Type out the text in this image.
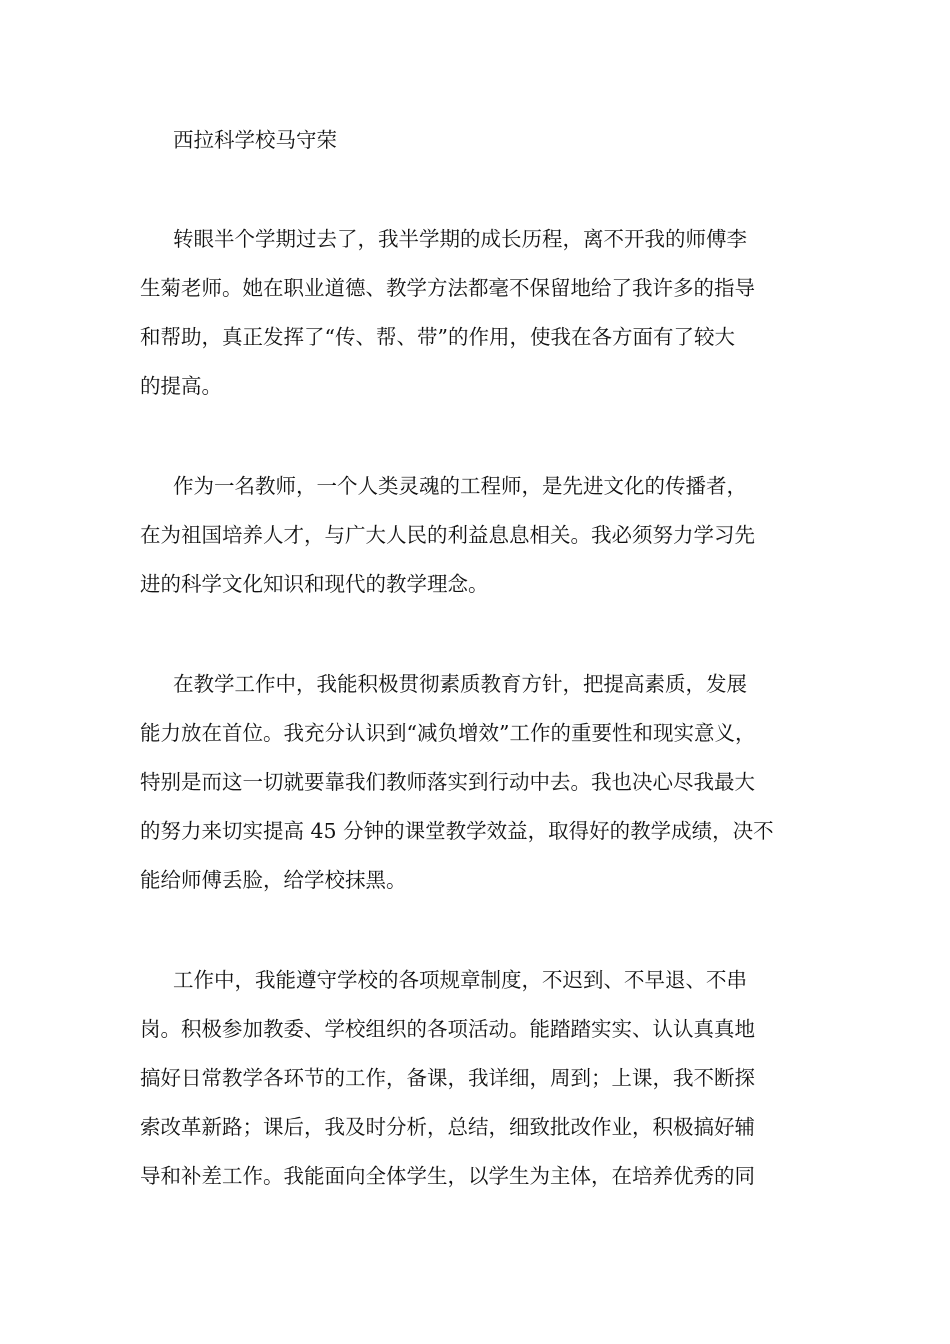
西拉科学校马守荣

转眼半个学期过去了，我半学期的成长历程，离不开我的师傅李

生菊老师。她在职业道德、教学方法都毫不保留地给了我许多的指导

和帮助，真正发挥了“传、帮、带”的作用，使我在各方面有了较大

的提高。

作为一名教师，一个人类灵魂的工程师，是先进文化的传播者，

在为祖国培养人才，与广大人民的利益息息相关。我必须努力学习先

进的科学文化知识和现代的教学理念。

在教学工作中，我能积极贯彻素质教育方针，把提高素质，发展

能力放在首位。我充分认识到“减负增效”工作的重要性和现实意义，

特别是而这一切就要靠我们教师落实到行动中去。我也决心尽我最大

的努力来切实提高 45 分钟的课堂教学效益，取得好的教学成绩，决不

能给师傅丢脸，给学校抹黑。

工作中，我能遵守学校的各项规章制度，不迟到、不早退、不串

岗。积极参加教委、学校组织的各项活动。能踏踏实实、认认真真地

搞好日常教学各环节的工作，备课，我详细，周到；上课，我不断探

索改革新路；课后，我及时分析，总结，细致批改作业，积极搞好辅

导和补差工作。我能面向全体学生，以学生为主体，在培养优秀的同
